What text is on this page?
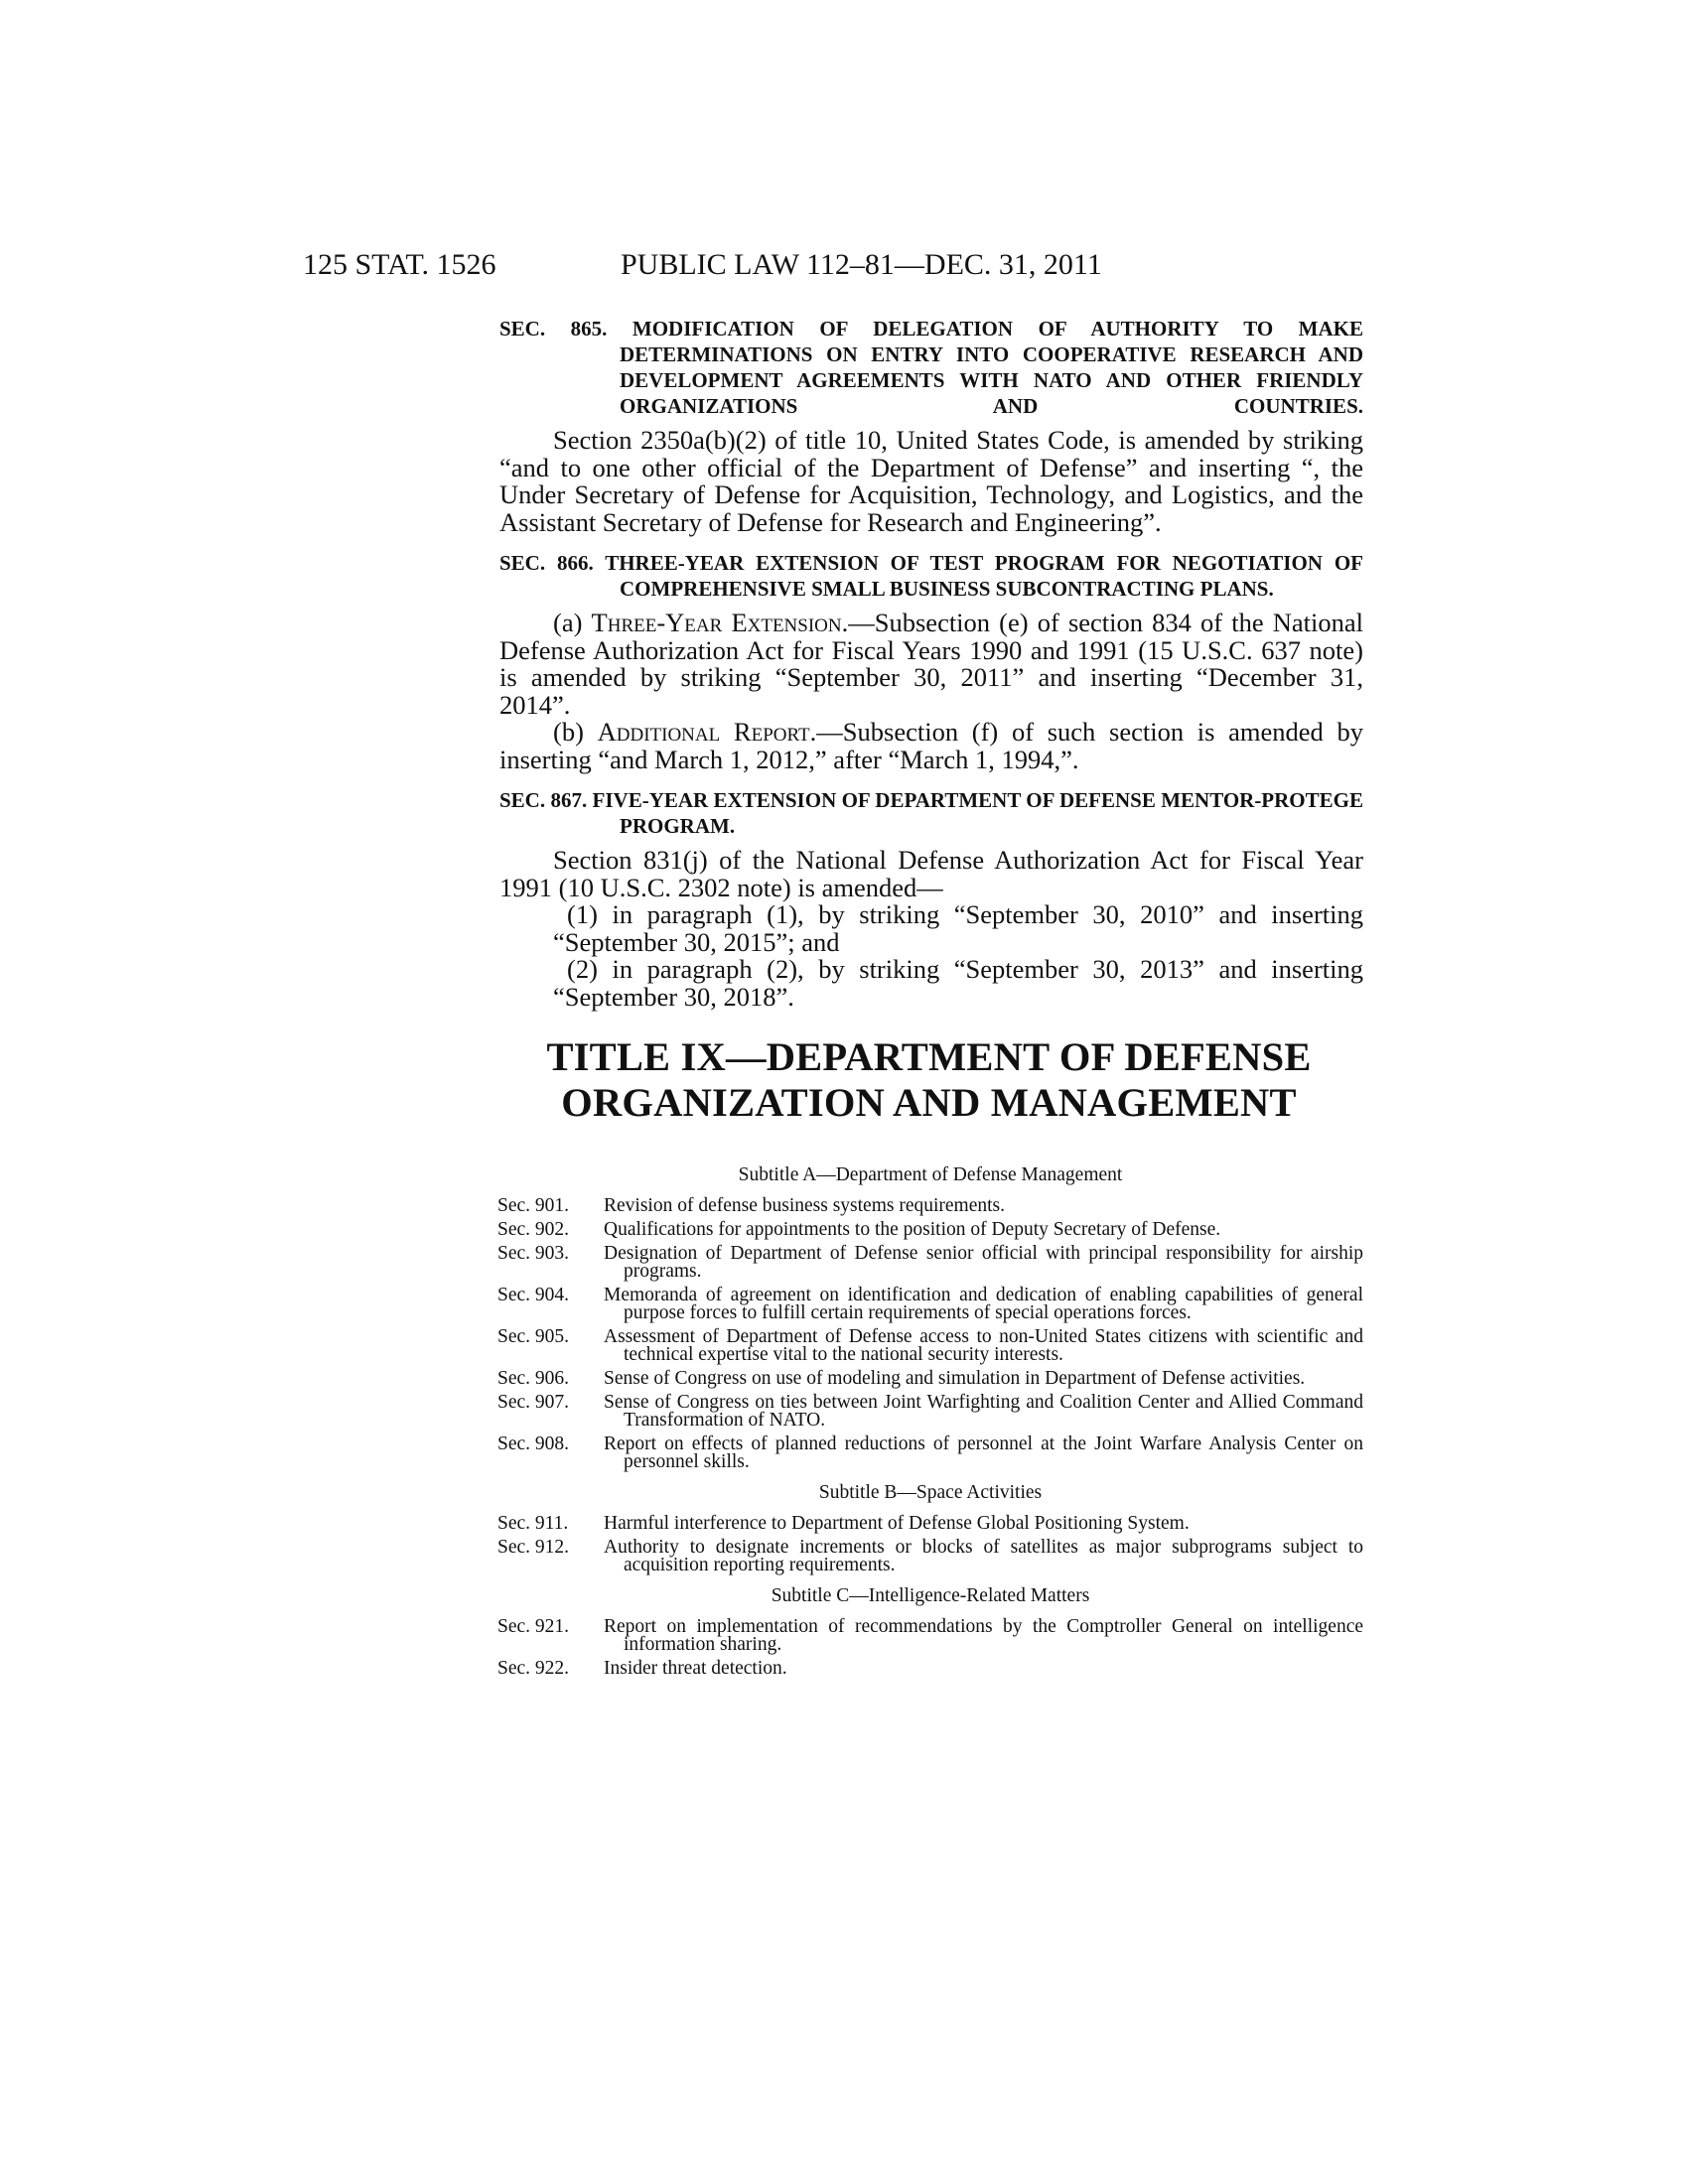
125 STAT. 1526	PUBLIC LAW 112–81—DEC. 31, 2011
SEC. 865. MODIFICATION OF DELEGATION OF AUTHORITY TO MAKE DETERMINATIONS ON ENTRY INTO COOPERATIVE RESEARCH AND DEVELOPMENT AGREEMENTS WITH NATO AND OTHER FRIENDLY ORGANIZATIONS AND COUNTRIES.

Section 2350a(b)(2) of title 10, United States Code, is amended by striking “and to one other official of the Department of Defense” and inserting “, the Under Secretary of Defense for Acquisition, Technology, and Logistics, and the Assistant Secretary of Defense for Research and Engineering”.

SEC. 866. THREE-YEAR EXTENSION OF TEST PROGRAM FOR NEGOTIATION OF COMPREHENSIVE SMALL BUSINESS SUBCONTRACTING PLANS.

(a) Three-Year Extension.—Subsection (e) of section 834 of the National Defense Authorization Act for Fiscal Years 1990 and 1991 (15 U.S.C. 637 note) is amended by striking “September 30, 2011” and inserting “December 31, 2014”.

(b) Additional Report.—Subsection (f) of such section is amended by inserting “and March 1, 2012,” after “March 1, 1994,”.

SEC. 867. FIVE-YEAR EXTENSION OF DEPARTMENT OF DEFENSE MENTOR-PROTEGE PROGRAM.

Section 831(j) of the National Defense Authorization Act for Fiscal Year 1991 (10 U.S.C. 2302 note) is amended—

(1) in paragraph (1), by striking “September 30, 2010” and inserting “September 30, 2015”; and

(2) in paragraph (2), by striking “September 30, 2013” and inserting “September 30, 2018”.

TITLE IX—DEPARTMENT OF DEFENSE
ORGANIZATION AND MANAGEMENT
Subtitle A—Department of Defense Management
Sec. 901.	Revision of defense business systems requirements.
Sec. 902.	Qualifications for appointments to the position of Deputy Secretary of Defense.
Sec. 903.	Designation of Department of Defense senior official with principal responsibility for airship programs.
Sec. 904.	Memoranda of agreement on identification and dedication of enabling capabilities of general purpose forces to fulfill certain requirements of special operations forces.
Sec. 905.	Assessment of Department of Defense access to non-United States citizens with scientific and technical expertise vital to the national security interests.
Sec. 906.	Sense of Congress on use of modeling and simulation in Department of Defense activities.
Sec. 907.	Sense of Congress on ties between Joint Warfighting and Coalition Center and Allied Command Transformation of NATO.
Sec. 908.	Report on effects of planned reductions of personnel at the Joint Warfare Analysis Center on personnel skills.
Subtitle B—Space Activities
Sec. 911.	Harmful interference to Department of Defense Global Positioning System.
Sec. 912.	Authority to designate increments or blocks of satellites as major subprograms subject to acquisition reporting requirements.
Subtitle C—Intelligence-Related Matters
Sec. 921.	Report on implementation of recommendations by the Comptroller General on intelligence information sharing.
Sec. 922.	Insider threat detection.
